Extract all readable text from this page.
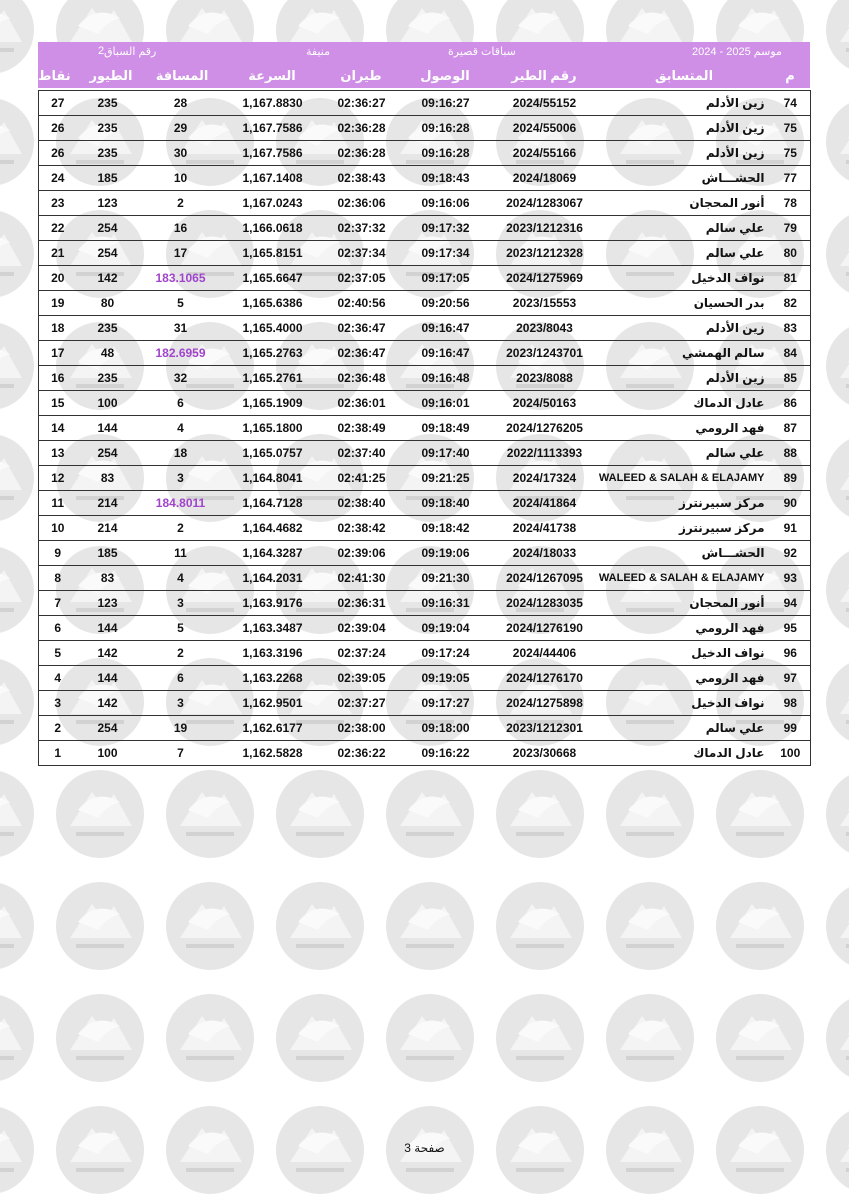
رقم السباق
2	منيفة	سباقات قصيرة	موسم 2025 - 2024
نقاط	الطيور	المسافة	السرعة	طيران	الوصول	رقم الطير	المتسابق	م
27	235	28	1,167.8830	02:36:27	09:16:27	2024/55152	زين الأدلم	74
26	235	29	1,167.7586	02:36:28	09:16:28	2024/55006	زين الأدلم	75
26	235	30	1,167.7586	02:36:28	09:16:28	2024/55166	زين الأدلم	75
24	185	10	1,167.1408	02:38:43	09:18:43	2024/18069	الحشـــاش	77
23	123	2	1,167.0243	02:36:06	09:16:06	2024/1283067	أنور المحجان	78
22	254	16	1,166.0618	02:37:32	09:17:32	2023/1212316	علي سالم	79
21	254	17	1,165.8151	02:37:34	09:17:34	2023/1212328	علي سالم	80
20	142	183.1065	1,165.6647	02:37:05	09:17:05	2024/1275969	نواف الدخيل	81
19	80	5	1,165.6386	02:40:56	09:20:56	2023/15553	بدر الحسيان	82
18	235	31	1,165.4000	02:36:47	09:16:47	2023/8043	زين الأدلم	83
17	48	182.6959	1,165.2763	02:36:47	09:16:47	2023/1243701	سالم الهمشي	84
16	235	32	1,165.2761	02:36:48	09:16:48	2023/8088	زين الأدلم	85
15	100	6	1,165.1909	02:36:01	09:16:01	2024/50163	عادل الدماك	86
14	144	4	1,165.1800	02:38:49	09:18:49	2024/1276205	فهد الرومي	87
13	254	18	1,165.0757	02:37:40	09:17:40	2022/1113393	علي سالم	88
12	83	3	1,164.8041	02:41:25	09:21:25	2024/17324	WALEED & SALAH & ELAJAMY	89
11	214	184.8011	1,164.7128	02:38:40	09:18:40	2024/41864	مركز سبيرنترز	90
10	214	2	1,164.4682	02:38:42	09:18:42	2024/41738	مركز سبيرنترز	91
9	185	11	1,164.3287	02:39:06	09:19:06	2024/18033	الحشـــاش	92
8	83	4	1,164.2031	02:41:30	09:21:30	2024/1267095	WALEED & SALAH & ELAJAMY	93
7	123	3	1,163.9176	02:36:31	09:16:31	2024/1283035	أنور المحجان	94
6	144	5	1,163.3487	02:39:04	09:19:04	2024/1276190	فهد الرومي	95
5	142	2	1,163.3196	02:37:24	09:17:24	2024/44406	نواف الدخيل	96
4	144	6	1,163.2268	02:39:05	09:19:05	2024/1276170	فهد الرومي	97
3	142	3	1,162.9501	02:37:27	09:17:27	2024/1275898	نواف الدخيل	98
2	254	19	1,162.6177	02:38:00	09:18:00	2023/1212301	علي سالم	99
1	100	7	1,162.5828	02:36:22	09:16:22	2023/30668	عادل الدماك	100
صفحة 3
